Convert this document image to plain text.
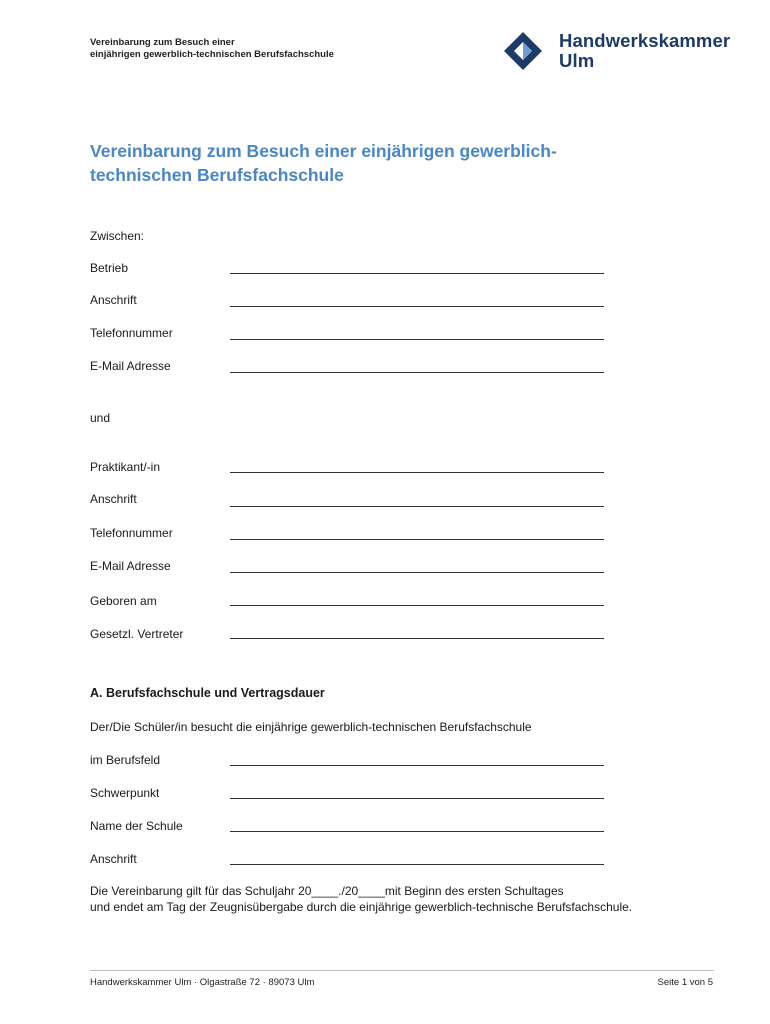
Vereinbarung zum Besuch einer
einjährigen gewerblich-technischen Berufsfachschule
Handwerkskammer
Ulm
Vereinbarung zum Besuch einer einjährigen gewerblich-
technischen Berufsfachschule
Zwischen:
Betrieb
Anschrift
Telefonnummer
E-Mail Adresse
und
Praktikant/-in
Anschrift
Telefonnummer
E-Mail Adresse
Geboren am
Gesetzl. Vertreter
A. Berufsfachschule und Vertragsdauer
Der/Die Schüler/in besucht die einjährige gewerblich-technischen Berufsfachschule
im Berufsfeld
Schwerpunkt
Name der Schule
Anschrift
Die Vereinbarung gilt für das Schuljahr 20____./20____mit Beginn des ersten Schultages
und endet am Tag der Zeugnisübergabe durch die einjährige gewerblich-technische Berufsfachschule.
Handwerkskammer Ulm · Olgastraße 72 · 89073 Ulm	Seite 1 von 5
